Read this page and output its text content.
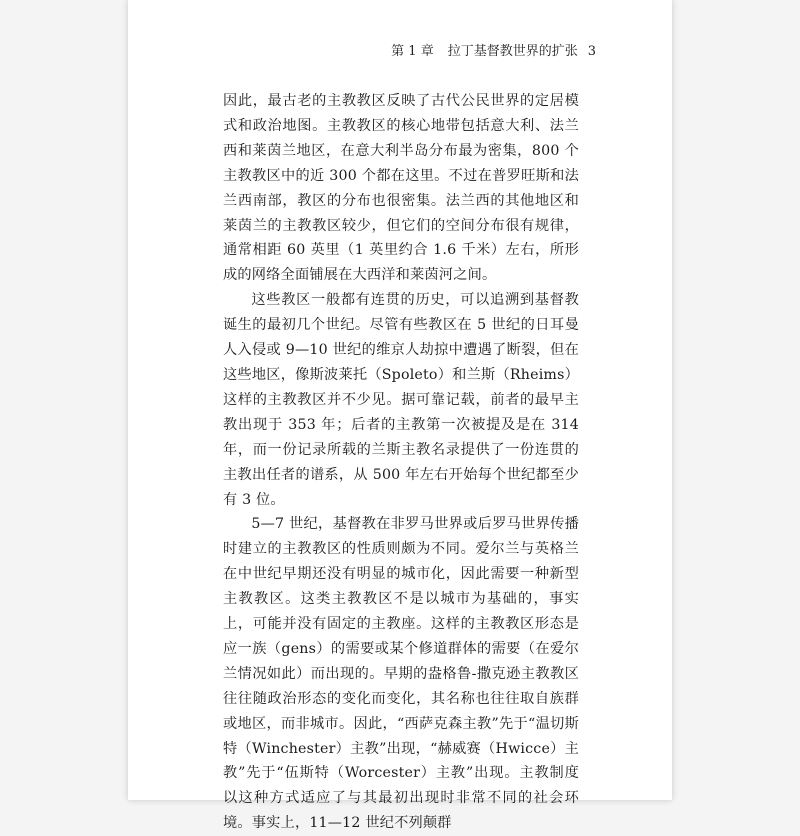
第 1 章 拉丁基督教世界的扩张 3

因此，最古老的主教教区反映了古代公民世界的定居模式和政治地图。主教教区的核心地带包括意大利、法兰西和莱茵兰地区，在意大利半岛分布最为密集，800 个主教教区中的近 300 个都在这里。不过在普罗旺斯和法兰西南部，教区的分布也很密集。法兰西的其他地区和莱茵兰的主教教区较少，但它们的空间分布很有规律，通常相距 60 英里（1 英里约合 1.6 千米）左右，所形成的网络全面铺展在大西洋和莱茵河之间。

这些教区一般都有连贯的历史，可以追溯到基督教诞生的最初几个世纪。尽管有些教区在 5 世纪的日耳曼人入侵或 9—10 世纪的维京人劫掠中遭遇了断裂，但在这些地区，像斯波莱托（Spoleto）和兰斯（Rheims）这样的主教教区并不少见。据可靠记载，前者的最早主教出现于 353 年；后者的主教第一次被提及是在 314 年，而一份记录所载的兰斯主教名录提供了一份连贯的主教出任者的谱系，从 500 年左右开始每个世纪都至少有 3 位。

5—7 世纪，基督教在非罗马世界或后罗马世界传播时建立的主教教区的性质则颇为不同。爱尔兰与英格兰在中世纪早期还没有明显的城市化，因此需要一种新型主教教区。这类主教教区不是以城市为基础的，事实上，可能并没有固定的主教座。这样的主教教区形态是应一族（gens）的需要或某个修道群体的需要（在爱尔兰情况如此）而出现的。早期的盎格鲁-撒克逊主教教区往往随政治形态的变化而变化，其名称也往往取自族群或地区，而非城市。因此，“西萨克森主教”先于“温切斯特（Winchester）主教”出现，“赫威赛（Hwicce）主教”先于“伍斯特（Worcester）主教”出现。主教制度以这种方式适应了与其最初出现时非常不同的社会环境。事实上，11—12 世纪不列颠群
